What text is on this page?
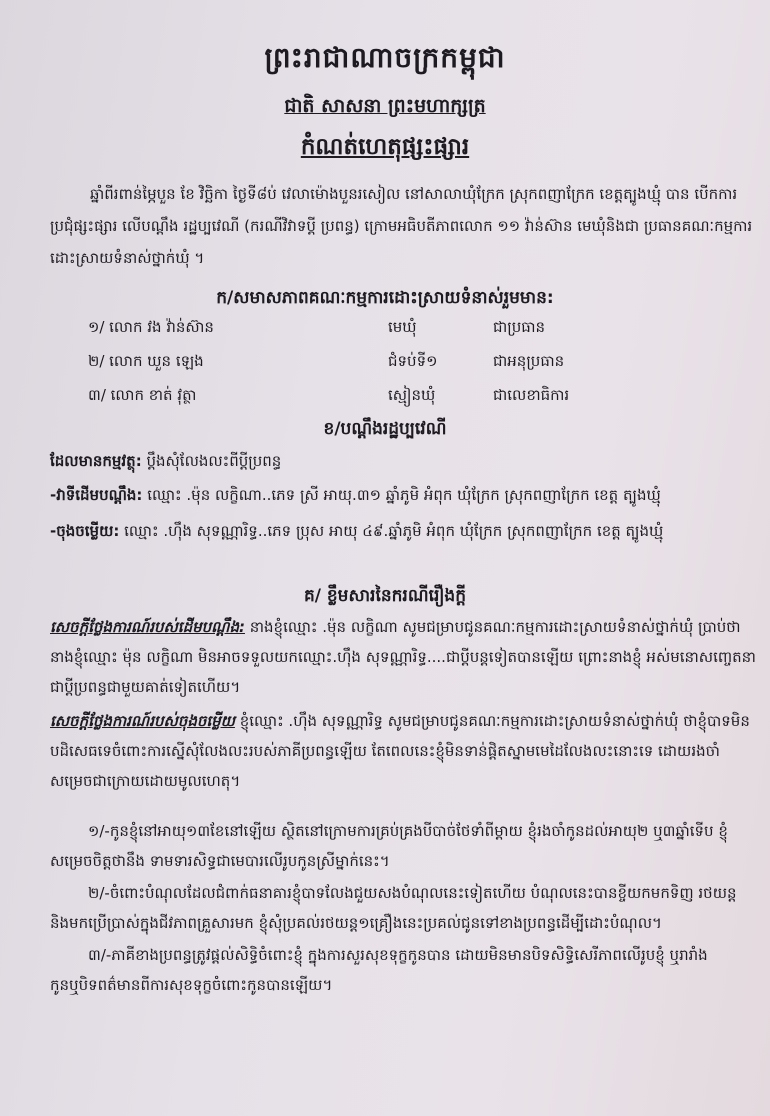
ព្រះរាជាណាចក្រកម្ពុជា
ជាតិ សាសនា ព្រះមហាក្សត្រ
កំណត់ហេតុផ្សះផ្សារ
ឆ្នាំពីរពាន់ម្ភៃបួន ខែ វិច្ឆិកា ថ្ងៃទី៨ប់ វេលាម៉ោងបួនរសៀល នៅសាលាឃុំក្រែក ស្រុកពញាក្រែក ខេត្តត្បូងឃ្មុំ បាន បើកការប្រជុំផ្សះផ្សារ លើបណ្តឹង រដ្ឋប្បវេណី (ករណីវិវាទប្តី ប្រពន្ធ) ក្រោមអធិបតីភាពលោក ១១ វ៉ាន់ស៊ាន មេឃុំនិងជា ប្រធានគណៈកម្មការ ដោះស្រាយទំនាស់ថ្នាក់ឃុំ ។
ក/សមាសភាពគណៈកម្មការដោះស្រាយទំនាស់រួមមាន:
១/ លោក វង វ៉ាន់ស៊ាន	មេឃុំ	ជាប្រធាន
២/ លោក ឃួន ឡេង	ជំទប់ទី១	ជាអនុប្រធាន
៣/ លោក ខាត់ វុត្ថា	ស្មៀនឃុំ	ជាលេខាធិការ
ខ/បណ្តឹងរដ្ឋប្បវេណី
ដែលមានកម្មវត្ថុ: ប្តឹងសុំលែងលះពីប្តីប្រពន្ធ
-វាទីដើមបណ្តឹង: ឈ្មោះ .ម៉ុន លក្ខិណា..ភេទ ស្រី អាយុ.៣១ ឆ្នាំភូមិ អំពុក ឃុំក្រែក ស្រុកពញាក្រែក ខេត្ត ត្បូងឃ្មុំ
-ចុងចម្លើយ: ឈ្មោះ .ហ៊ឹង សុទណ្ណារិទ្ធ..ភេទ ប្រុស អាយុ ៤៩.ឆ្នាំភូមិ អំពុក ឃុំក្រែក ស្រុកពញាក្រែក ខេត្ត ត្បូងឃ្មុំ
គ/ ខ្លឹមសារនៃករណីរឿងក្តី
សេចក្តីថ្លែងការណ៍របស់ដើមបណ្តឹង: នាងខ្ញុំឈ្មោះ .ម៉ុន លក្ខិណា សូមជម្រាបជូនគណៈកម្មការដោះស្រាយទំនាស់ថ្នាក់ឃុំ ប្រាប់ថា នាងខ្ញុំឈ្មោះ ម៉ុន លក្ខិណា មិនអាចទទួលយកឈ្មោះ.ហ៊ឹង សុទណ្ណារិទ្ធ....ជាប្តីបន្តទៀតបានឡើយ ព្រោះនាងខ្ញុំ អស់មនោសញ្ចេតនាជាប្តីប្រពន្ធជាមួយគាត់ទៀតហើយ។
សេចក្តីថ្លែងការណ៍របស់ចុងចម្លើយ ខ្ញុំឈ្មោះ .ហ៊ឹង សុទណ្ណារិទ្ធ សូមជម្រាបជូនគណៈកម្មការដោះស្រាយទំនាស់ថ្នាក់ឃុំ ថាខ្ញុំបាទមិនបដិសេធទេចំពោះការស្នើសុំលែងលះរបស់ភាគីប្រពន្ធឡើយ តែពេលនេះខ្ញុំមិនទាន់ផ្តិតស្នាមមេដៃលែងលះនោះទេ ដោយរងចាំសម្រេចជាក្រោយដោយមូលហេតុ។
១/-កូនខ្ញុំនៅអាយុ១៣ខែនៅឡើយ ស្ថិតនៅក្រោមការគ្រប់គ្រងបីបាច់ថែទាំពីម្តាយ ខ្ញុំរងចាំកូនដល់អាយុ២ ឬ៣ឆ្នាំទើប ខ្ញុំសម្រេចចិត្តថានឹង ទាមទារសិទ្ធជាមេបារលើរូបកូនស្រីម្នាក់នេះ។
២/-ចំពោះបំណុលដែលជំពាក់ធនាគារខ្ញុំបាទលែងជួយសងបំណុលនេះទៀតហើយ បំណុលនេះបានខ្ចីយកមកទិញ រថយន្ត និងមកប្រើប្រាស់ក្នុងជីវភាពគ្រួសារមក ខ្ញុំសុំប្រគល់រថយន្ត១គ្រឿងនេះប្រគល់ជូនទៅខាងប្រពន្ធដើម្បីដោះបំណុល។
៣/-ភាគីខាងប្រពន្ធត្រូវផ្តល់សិទ្ធិចំពោះខ្ញុំ ក្នុងការសួរសុខទុក្ខកូនបាន ដោយមិនមានបិទសិទ្ធិសេរីភាពលើរូបខ្ញុំ ឬរារាំង កូនឬបិទពត៌មានពីការសុខទុក្ខចំពោះកូនបានឡើយ។
